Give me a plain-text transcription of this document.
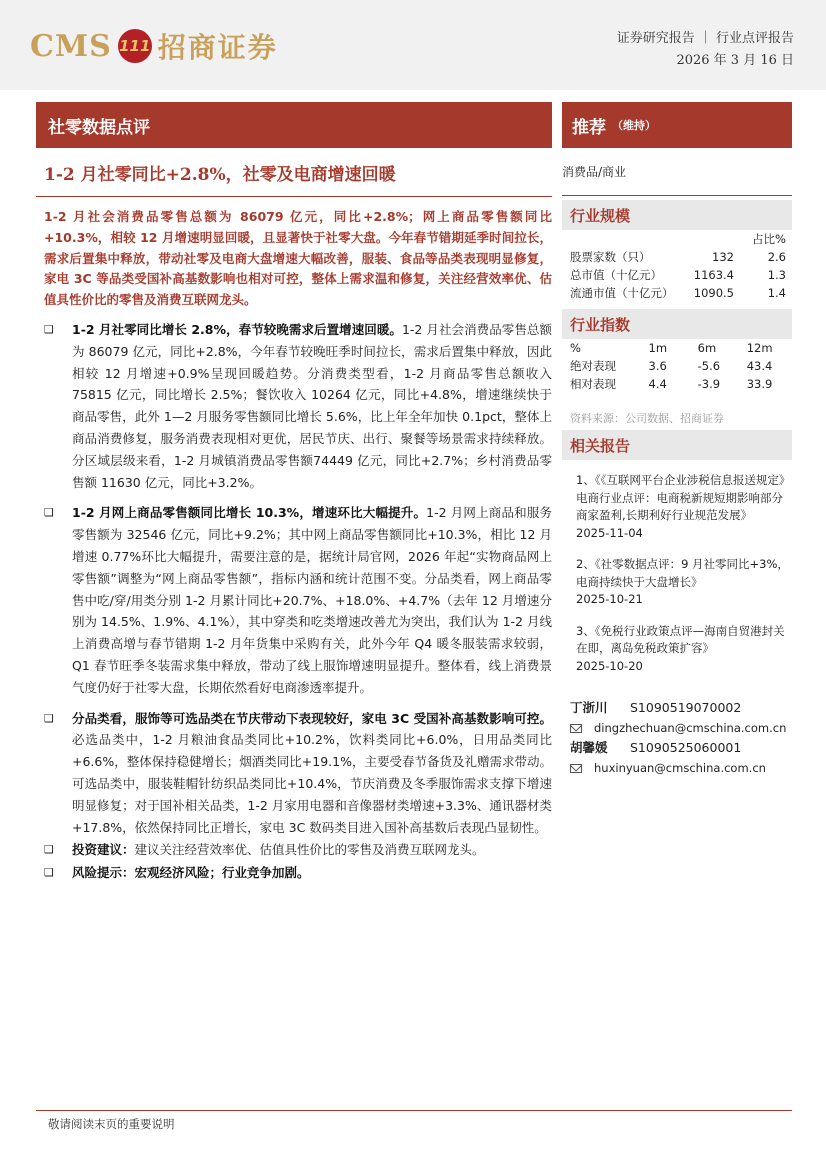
CMS 111 招商证券	证券研究报告 ｜ 行业点评报告
2026 年 3 月 16 日
社零数据点评	推荐 （维持）
1-2 月社零同比+2.8%，社零及电商增速回暖
1-2 月社会消费品零售总额为 86079 亿元，同比+2.8%；网上商品零售额同比+10.3%，相较 12 月增速明显回暖，且显著快于社零大盘。今年春节错期延季时间拉长，需求后置集中释放，带动社零及电商大盘增速大幅改善，服装、食品等品类表现明显修复，家电 3C 等品类受国补高基数影响也相对可控，整体上需求温和修复，关注经营效率优、估值具性价比的零售及消费互联网龙头。
❑	1-2 月社零同比增长 2.8%，春节较晚需求后置增速回暖。1-2 月社会消费品零售总额为 86079 亿元，同比+2.8%，今年春节较晚旺季时间拉长，需求后置集中释放，因此相较 12 月增速+0.9%呈现回暖趋势。分消费类型看，1-2 月商品零售总额收入 75815 亿元，同比增长 2.5%；餐饮收入 10264 亿元，同比+4.8%，增速继续快于商品零售，此外 1—2 月服务零售额同比增长 5.6%，比上年全年加快 0.1pct，整体上商品消费修复，服务消费表现相对更优，居民节庆、出行、聚餐等场景需求持续释放。分区域层级来看，1-2 月城镇消费品零售额74449 亿元，同比+2.7%；乡村消费品零售额 11630 亿元，同比+3.2%。
❑	1-2 月网上商品零售额同比增长 10.3%，增速环比大幅提升。1-2 月网上商品和服务零售额为 32546 亿元，同比+9.2%；其中网上商品零售额同比+10.3%，相比 12 月增速 0.77%环比大幅提升，需要注意的是，据统计局官网，2026 年起“实物商品网上零售额”调整为“网上商品零售额”，指标内涵和统计范围不变。分品类看，网上商品零售中吃/穿/用类分别 1-2 月累计同比+20.7%、+18.0%、+4.7%（去年 12 月增速分别为 14.5%、1.9%、4.1%），其中穿类和吃类增速改善尤为突出，我们认为 1-2 月线上消费高增与春节错期 1-2 月年货集中采购有关，此外今年 Q4 暖冬服装需求较弱，Q1 春节旺季冬装需求集中释放，带动了线上服饰增速明显提升。整体看，线上消费景气度仍好于社零大盘，长期依然看好电商渗透率提升。
❑	分品类看，服饰等可选品类在节庆带动下表现较好，家电 3C 受国补高基数影响可控。必选品类中，1-2 月粮油食品类同比+10.2%，饮料类同比+6.0%，日用品类同比+6.6%，整体保持稳健增长；烟酒类同比+19.1%，主要受春节备货及礼赠需求带动。可选品类中，服装鞋帽针纺织品类同比+10.4%，节庆消费及冬季服饰需求支撑下增速明显修复；对于国补相关品类，1-2 月家用电器和音像器材类增速+3.3%、通讯器材类+17.8%，依然保持同比正增长，家电 3C 数码类目进入国补高基数后表现凸显韧性。
❑	投资建议：建议关注经营效率优、估值具性价比的零售及消费互联网龙头。
❑	风险提示：宏观经济风险；行业竞争加剧。
消费品/商业
行业规模
占比%
股票家数（只）	132	2.6
总市值（十亿元）	1163.4	1.3
流通市值（十亿元）	1090.5	1.4
行业指数
%	1m	6m	12m
绝对表现	3.6	-5.6	43.4
相对表现	4.4	-3.9	33.9
资料来源：公司数据、招商证券
相关报告
1、《《互联网平台企业涉税信息报送规定》电商行业点评：电商税新规短期影响部分商家盈利,长期利好行业规范发展》
2025-11-04
2、《社零数据点评：9 月社零同比+3%，电商持续快于大盘增长》
2025-10-21
3、《免税行业政策点评—海南自贸港封关在即，离岛免税政策扩容》
2025-10-20
丁浙川 S1090519070002
dingzhechuan@cmschina.com.cn
胡馨媛 S1090525060001
huxinyuan@cmschina.com.cn
敬请阅读末页的重要说明
